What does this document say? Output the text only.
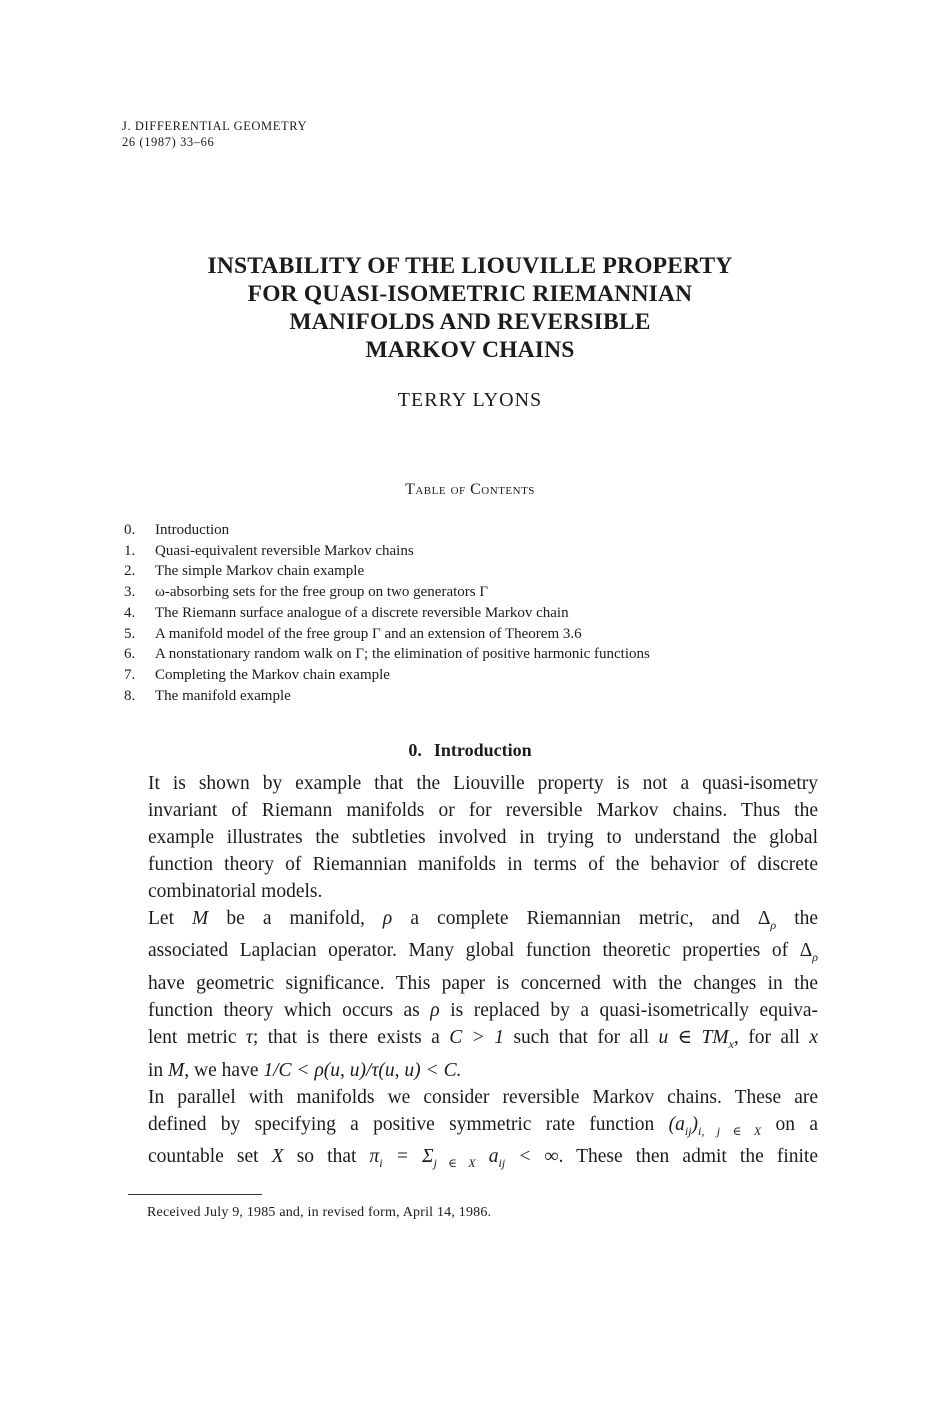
J. DIFFERENTIAL GEOMETRY
26 (1987) 33–66
INSTABILITY OF THE LIOUVILLE PROPERTY
FOR QUASI-ISOMETRIC RIEMANNIAN
MANIFOLDS AND REVERSIBLE
MARKOV CHAINS
TERRY LYONS
Table of Contents
0.	Introduction
1.	Quasi-equivalent reversible Markov chains
2.	The simple Markov chain example
3.	ω-absorbing sets for the free group on two generators Γ
4.	The Riemann surface analogue of a discrete reversible Markov chain
5.	A manifold model of the free group Γ and an extension of Theorem 3.6
6.	A nonstationary random walk on Γ; the elimination of positive harmonic functions
7.	Completing the Markov chain example
8.	The manifold example
0. Introduction

It is shown by example that the Liouville property is not a quasi-isometry
invariant of Riemann manifolds or for reversible Markov chains. Thus the
example illustrates the subtleties involved in trying to understand the global
function theory of Riemannian manifolds in terms of the behavior of discrete
combinatorial models.

Let M be a manifold, ρ a complete Riemannian metric, and $\Delta_\rho$ the
associated Laplacian operator. Many global function theoretic properties of $\Delta_\rho$
have geometric significance. This paper is concerned with the changes in the
function theory which occurs as ρ is replaced by a quasi-isometrically equiva-
lent metric τ; that is there exists a C > 1 such that for all u ∈ $TM_x$, for all x
in M, we have 1/C < ρ(u, u)/τ(u, u) < C.

In parallel with manifolds we consider reversible Markov chains. These are
defined by specifying a positive symmetric rate function $(a_{ij})_{i, j \in X}$ on a
countable set X so that $\pi_i = \Sigma_{j \in X}$ $a_{ij}$ < ∞. These then admit the finite

Received July 9, 1985 and, in revised form, April 14, 1986.
